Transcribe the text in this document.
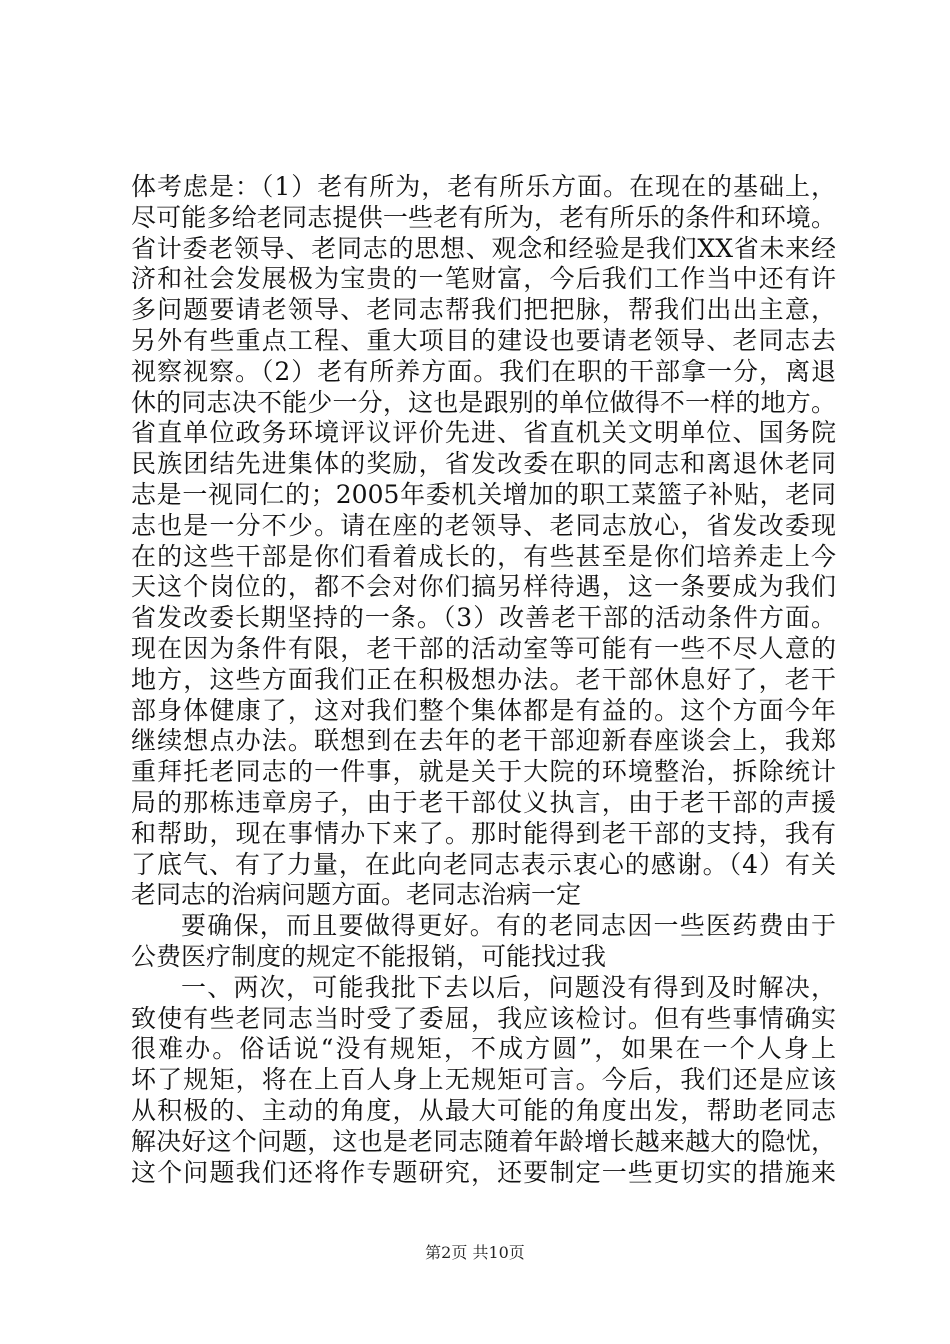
体考虑是：（1）老有所为，老有所乐方面。在现在的基础上，
尽可能多给老同志提供一些老有所为，老有所乐的条件和环境。
省计委老领导、老同志的思想、观念和经验是我们XX省未来经
济和社会发展极为宝贵的一笔财富，今后我们工作当中还有许
多问题要请老领导、老同志帮我们把把脉，帮我们出出主意，
另外有些重点工程、重大项目的建设也要请老领导、老同志去
视察视察。（2）老有所养方面。我们在职的干部拿一分，离退
休的同志决不能少一分，这也是跟别的单位做得不一样的地方。
省直单位政务环境评议评价先进、省直机关文明单位、国务院
民族团结先进集体的奖励，省发改委在职的同志和离退休老同
志是一视同仁的；2005年委机关增加的职工菜篮子补贴，老同
志也是一分不少。请在座的老领导、老同志放心，省发改委现
在的这些干部是你们看着成长的，有些甚至是你们培养走上今
天这个岗位的，都不会对你们搞另样待遇，这一条要成为我们
省发改委长期坚持的一条。（3）改善老干部的活动条件方面。
现在因为条件有限，老干部的活动室等可能有一些不尽人意的
地方，这些方面我们正在积极想办法。老干部休息好了，老干
部身体健康了，这对我们整个集体都是有益的。这个方面今年
继续想点办法。联想到在去年的老干部迎新春座谈会上，我郑
重拜托老同志的一件事，就是关于大院的环境整治，拆除统计
局的那栋违章房子，由于老干部仗义执言，由于老干部的声援
和帮助，现在事情办下来了。那时能得到老干部的支持，我有
了底气、有了力量，在此向老同志表示衷心的感谢。（4）有关
老同志的治病问题方面。老同志治病一定
要确保，而且要做得更好。有的老同志因一些医药费由于
公费医疗制度的规定不能报销，可能找过我
一、两次，可能我批下去以后，问题没有得到及时解决，
致使有些老同志当时受了委屈，我应该检讨。但有些事情确实
很难办。俗话说“没有规矩，不成方圆”，如果在一个人身上
坏了规矩，将在上百人身上无规矩可言。今后，我们还是应该
从积极的、主动的角度，从最大可能的角度出发，帮助老同志
解决好这个问题，这也是老同志随着年龄增长越来越大的隐忧，
这个问题我们还将作专题研究，还要制定一些更切实的措施来
第2页 共10页
